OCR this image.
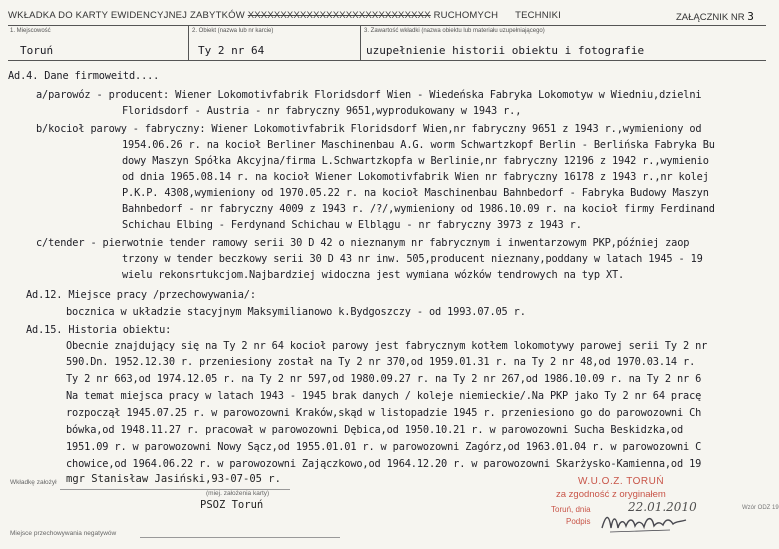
WKŁADKA DO KARTY EWIDENCYJNEJ ZABYTKÓW XXXXXXXXXXXXXXXXXXXXXXXXXXXX RUCHOMYCH TECHNIKI	ZAŁĄCZNIK NR 3
1. Miejscowość
Toruń
2. Obiekt (nazwa lub nr karcie)
Ty 2 nr 64
3. Zawartość wkładki (nazwa obiektu lub materiału uzupełniającego)
uzupełnienie historii obiektu i fotografie
Ad.4. Dane firmoweitd....
a/parowóz - producent: Wiener Lokomotivfabrik Floridsdorf Wien - Wiedeńska Fabryka Lokomotyw w Wiedniu,dzielni
Floridsdorf - Austria - nr fabryczny 9651,wyprodukowany w 1943 r.,
b/kocioł parowy - fabryczny: Wiener Lokomotivfabrik Floridsdorf Wien,nr fabryczny 9651 z 1943 r.,wymieniony od
1954.06.26 r. na kocioł Berliner Maschinenbau A.G. worm Schwartzkopf Berlin - Berlińska Fabryka Bu
dowy Maszyn Spółka Akcyjna/firma L.Schwartzkopfa w Berlinie,nr fabryczny 12196 z 1942 r.,wymienio
od dnia 1965.08.14 r. na kocioł Wiener Lokomotivfabrik Wien nr fabryczny 16178 z 1943 r.,nr kolej
P.K.P. 4308,wymieniony od 1970.05.22 r. na kocioł Maschinenbau Bahnbedorf - Fabryka Budowy Maszyn
Bahnbedorf - nr fabryczny 4009 z 1943 r. /?/,wymieniony od 1986.10.09 r. na kocioł firmy Ferdinand
Schichau Elbing - Ferdynand Schichau w Elblągu - nr fabryczny 3973 z 1943 r.
c/tender - pierwotnie tender ramowy serii 30 D 42 o nieznanym nr fabrycznym i inwentarzowym PKP,później zaop
trzony w tender beczkowy serii 30 D 43 nr inw. 505,producent nieznany,poddany w latach 1945 - 19
wielu rekonsrtukcjom.Najbardziej widoczna jest wymiana wózków tendrowych na typ XT.
Ad.12. Miejsce pracy /przechowywania/:
bocznica w układzie stacyjnym Maksymilianowo k.Bydgoszczy - od 1993.07.05 r.
Ad.15. Historia obiektu:
Obecnie znajdujący się na Ty 2 nr 64 kocioł parowy jest fabrycznym kotłem lokomotywy parowej serii Ty 2 nr
590.Dn. 1952.12.30 r. przeniesiony został na Ty 2 nr 370,od 1959.01.31 r. na Ty 2 nr 48,od 1970.03.14 r.
Ty 2 nr 663,od 1974.12.05 r. na Ty 2 nr 597,od 1980.09.27 r. na Ty 2 nr 267,od 1986.10.09 r. na Ty 2 nr 6
Na temat miejsca pracy w latach 1943 - 1945 brak danych / koleje niemieckie/.Na PKP jako Ty 2 nr 64 pracę
rozpoczął 1945.07.25 r. w parowozowni Kraków,skąd w listopadzie 1945 r. przeniesiono go do parowozowni Ch
bówka,od 1948.11.27 r. pracował w parowozowni Dębica,od 1950.10.21 r. w parowozowni Sucha Beskidzka,od
1951.09 r. w parowozowni Nowy Sącz,od 1955.01.01 r. w parowozowni Zagórz,od 1963.01.04 r. w parowozowni C
chowice,od 1964.06.22 r. w parowozowni Zajączkowo,od 1964.12.20 r. w parowozowni Skarżysko-Kamienna,od 19
Wkładkę założył mgr Stanisław Jasiński,93-07-05 r.
(miej. założenia karty)
PSOZ Toruń
Miejsce przechowywania negatywów
Wzór ODZ 19
W.U.O.Z. TORUŃ
za zgodność z oryginałem
Toruń, dnia	22.01.2010
Podpis
